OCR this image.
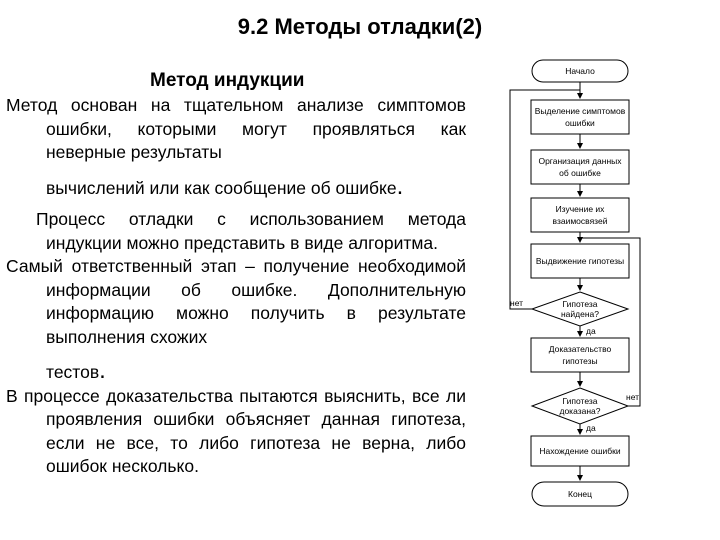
9.2 Методы отладки(2)
Метод индукции
Метод основан на тщательном анализе симптомов ошибки, которыми могут проявляться как неверные результаты
вычислений или как сообщение об ошибке.
Процесс отладки с использованием метода индукции можно представить в виде алгоритма.
Самый ответственный этап – получение необходимой информации об ошибке. Дополнительную информацию можно получить в результате выполнения схожих
тестов.
В процессе доказательства пытаются выяснить, все ли проявления ошибки объясняет данная гипотеза, если не все, то либо гипотеза не верна, либо ошибок несколько.
Начало
Выделение симптомов
ошибки
Организация данных
об ошибке
Изучение их
взаимосвязей
Выдвижение гипотезы
Гипотеза
найдена?
нет
да
Доказательство
гипотезы
Гипотеза
доказана?
нет
да
Нахождение ошибки
Конец
